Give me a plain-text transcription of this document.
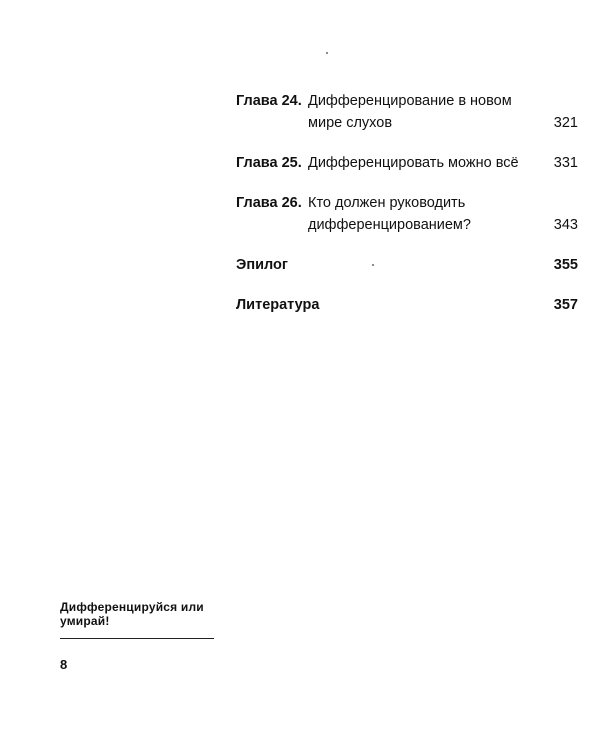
Глава 24. Дифференцирование в новом мире слухов	321
Глава 25. Дифференцировать можно всё	331
Глава 26. Кто должен руководить дифференцированием?	343
Эпилог	355
Литература	357
Дифференцируйся или умирай!
8
